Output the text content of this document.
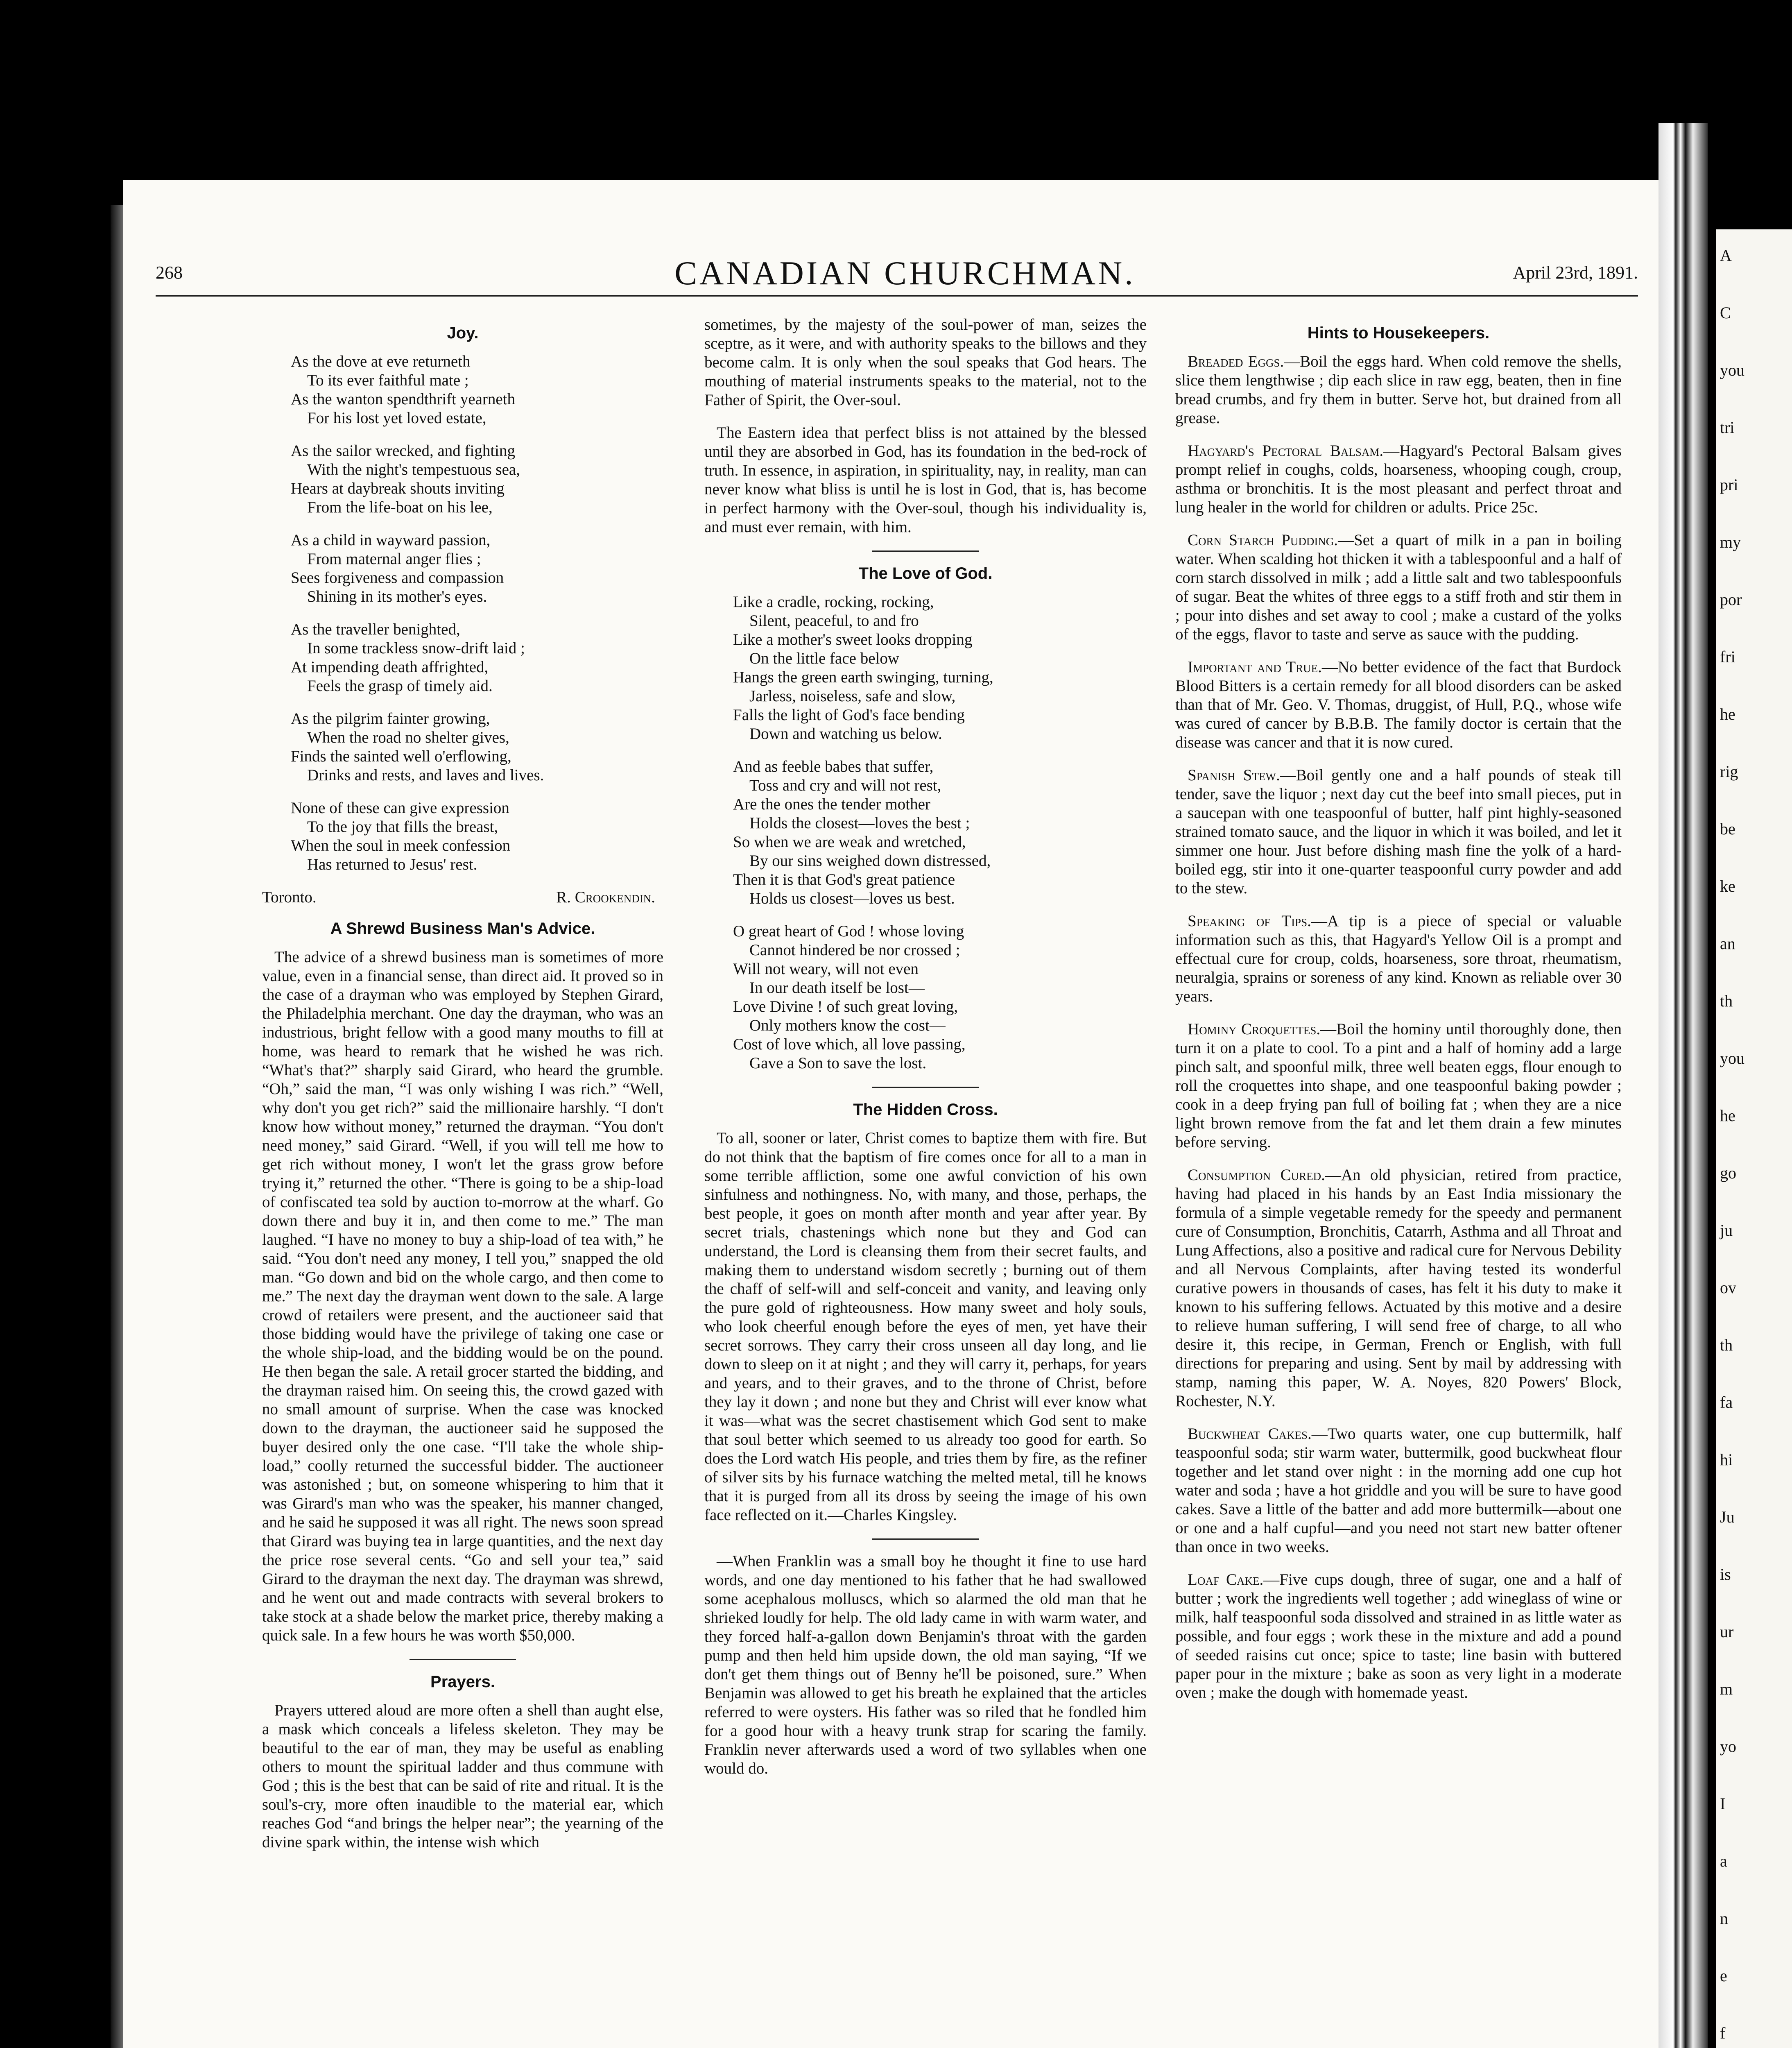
A
C
you
tri
pri
my
por
fri
he
rig
be
ke
an
th
you
he
go
ju
ov
th
fa
hi
Ju
is
ur
m
yo
I
a
n
e
f
268	CANADIAN CHURCHMAN.	April 23rd, 1891.
Joy.

As the dove at eve returneth
To its ever faithful mate ;
As the wanton spendthrift yearneth
For his lost yet loved estate,

As the sailor wrecked, and fighting
With the night's tempestuous sea,
Hears at daybreak shouts inviting
From the life-boat on his lee,

As a child in wayward passion,
From maternal anger flies ;
Sees forgiveness and compassion
Shining in its mother's eyes.

As the traveller benighted,
In some trackless snow-drift laid ;
At impending death affrighted,
Feels the grasp of timely aid.

As the pilgrim fainter growing,
When the road no shelter gives,
Finds the sainted well o'erflowing,
Drinks and rests, and laves and lives.

None of these can give expression
To the joy that fills the breast,
When the soul in meek confession
Has returned to Jesus' rest.

Toronto.	R. Crookendin.
A Shrewd Business Man's Advice.

The advice of a shrewd business man is sometimes of more value, even in a financial sense, than direct aid. It proved so in the case of a drayman who was employed by Stephen Girard, the Philadelphia merchant. One day the drayman, who was an industrious, bright fellow with a good many mouths to fill at home, was heard to remark that he wished he was rich. “What's that?” sharply said Girard, who heard the grumble. “Oh,” said the man, “I was only wishing I was rich.” “Well, why don't you get rich?” said the millionaire harshly. “I don't know how without money,” returned the drayman. “You don't need money,” said Girard. “Well, if you will tell me how to get rich without money, I won't let the grass grow before trying it,” returned the other. “There is going to be a ship-load of confiscated tea sold by auction to-morrow at the wharf. Go down there and buy it in, and then come to me.” The man laughed. “I have no money to buy a ship-load of tea with,” he said. “You don't need any money, I tell you,” snapped the old man. “Go down and bid on the whole cargo, and then come to me.” The next day the drayman went down to the sale. A large crowd of retailers were present, and the auctioneer said that those bidding would have the privilege of taking one case or the whole ship-load, and the bidding would be on the pound. He then began the sale. A retail grocer started the bidding, and the drayman raised him. On seeing this, the crowd gazed with no small amount of surprise. When the case was knocked down to the drayman, the auctioneer said he supposed the buyer desired only the one case. “I'll take the whole ship-load,” coolly returned the successful bidder. The auctioneer was astonished ; but, on someone whispering to him that it was Girard's man who was the speaker, his manner changed, and he said he supposed it was all right. The news soon spread that Girard was buying tea in large quantities, and the next day the price rose several cents. “Go and sell your tea,” said Girard to the drayman the next day. The drayman was shrewd, and he went out and made contracts with several brokers to take stock at a shade below the market price, thereby making a quick sale. In a few hours he was worth $50,000.

Prayers.

Prayers uttered aloud are more often a shell than aught else, a mask which conceals a lifeless skeleton. They may be beautiful to the ear of man, they may be useful as enabling others to mount the spiritual ladder and thus commune with God ; this is the best that can be said of rite and ritual. It is the soul's-cry, more often inaudible to the material ear, which reaches God “and brings the helper near”; the yearning of the divine spark within, the intense wish which

sometimes, by the majesty of the soul-power of man, seizes the sceptre, as it were, and with authority speaks to the billows and they become calm. It is only when the soul speaks that God hears. The mouthing of material instruments speaks to the material, not to the Father of Spirit, the Over-soul.

The Eastern idea that perfect bliss is not attained by the blessed until they are absorbed in God, has its foundation in the bed-rock of truth. In essence, in aspiration, in spirituality, nay, in reality, man can never know what bliss is until he is lost in God, that is, has become in perfect harmony with the Over-soul, though his individuality is, and must ever remain, with him.

The Love of God.

Like a cradle, rocking, rocking,
Silent, peaceful, to and fro
Like a mother's sweet looks dropping
On the little face below
Hangs the green earth swinging, turning,
Jarless, noiseless, safe and slow,
Falls the light of God's face bending
Down and watching us below.

And as feeble babes that suffer,
Toss and cry and will not rest,
Are the ones the tender mother
Holds the closest—loves the best ;
So when we are weak and wretched,
By our sins weighed down distressed,
Then it is that God's great patience
Holds us closest—loves us best.

O great heart of God ! whose loving
Cannot hindered be nor crossed ;
Will not weary, will not even
In our death itself be lost—
Love Divine ! of such great loving,
Only mothers know the cost—
Cost of love which, all love passing,
Gave a Son to save the lost.

The Hidden Cross.

To all, sooner or later, Christ comes to baptize them with fire. But do not think that the baptism of fire comes once for all to a man in some terrible affliction, some one awful conviction of his own sinfulness and nothingness. No, with many, and those, perhaps, the best people, it goes on month after month and year after year. By secret trials, chastenings which none but they and God can understand, the Lord is cleansing them from their secret faults, and making them to understand wisdom secretly ; burning out of them the chaff of self-will and self-conceit and vanity, and leaving only the pure gold of righteousness. How many sweet and holy souls, who look cheerful enough before the eyes of men, yet have their secret sorrows. They carry their cross unseen all day long, and lie down to sleep on it at night ; and they will carry it, perhaps, for years and years, and to their graves, and to the throne of Christ, before they lay it down ; and none but they and Christ will ever know what it was—what was the secret chastisement which God sent to make that soul better which seemed to us already too good for earth. So does the Lord watch His people, and tries them by fire, as the refiner of silver sits by his furnace watching the melted metal, till he knows that it is purged from all its dross by seeing the image of his own face reflected on it.—Charles Kingsley.

—When Franklin was a small boy he thought it fine to use hard words, and one day mentioned to his father that he had swallowed some acephalous molluscs, which so alarmed the old man that he shrieked loudly for help. The old lady came in with warm water, and they forced half-a-gallon down Benjamin's throat with the garden pump and then held him upside down, the old man saying, “If we don't get them things out of Benny he'll be poisoned, sure.” When Benjamin was allowed to get his breath he explained that the articles referred to were oysters. His father was so riled that he fondled him for a good hour with a heavy trunk strap for scaring the family. Franklin never afterwards used a word of two syllables when one would do.

Hints to Housekeepers.

Breaded Eggs.—Boil the eggs hard. When cold remove the shells, slice them lengthwise ; dip each slice in raw egg, beaten, then in fine bread crumbs, and fry them in butter. Serve hot, but drained from all grease.

Hagyard's Pectoral Balsam.—Hagyard's Pectoral Balsam gives prompt relief in coughs, colds, hoarseness, whooping cough, croup, asthma or bronchitis. It is the most pleasant and perfect throat and lung healer in the world for children or adults. Price 25c.

Corn Starch Pudding.—Set a quart of milk in a pan in boiling water. When scalding hot thicken it with a tablespoonful and a half of corn starch dissolved in milk ; add a little salt and two tablespoonfuls of sugar. Beat the whites of three eggs to a stiff froth and stir them in ; pour into dishes and set away to cool ; make a custard of the yolks of the eggs, flavor to taste and serve as sauce with the pudding.

Important and True.—No better evidence of the fact that Burdock Blood Bitters is a certain remedy for all blood disorders can be asked than that of Mr. Geo. V. Thomas, druggist, of Hull, P.Q., whose wife was cured of cancer by B.B.B. The family doctor is certain that the disease was cancer and that it is now cured.

Spanish Stew.—Boil gently one and a half pounds of steak till tender, save the liquor ; next day cut the beef into small pieces, put in a saucepan with one teaspoonful of butter, half pint highly-seasoned strained tomato sauce, and the liquor in which it was boiled, and let it simmer one hour. Just before dishing mash fine the yolk of a hard-boiled egg, stir into it one-quarter teaspoonful curry powder and add to the stew.

Speaking of Tips.—A tip is a piece of special or valuable information such as this, that Hagyard's Yellow Oil is a prompt and effectual cure for croup, colds, hoarseness, sore throat, rheumatism, neuralgia, sprains or soreness of any kind. Known as reliable over 30 years.

Hominy Croquettes.—Boil the hominy until thoroughly done, then turn it on a plate to cool. To a pint and a half of hominy add a large pinch salt, and spoonful milk, three well beaten eggs, flour enough to roll the croquettes into shape, and one teaspoonful baking powder ; cook in a deep frying pan full of boiling fat ; when they are a nice light brown remove from the fat and let them drain a few minutes before serving.

Consumption Cured.—An old physician, retired from practice, having had placed in his hands by an East India missionary the formula of a simple vegetable remedy for the speedy and permanent cure of Consumption, Bronchitis, Catarrh, Asthma and all Throat and Lung Affections, also a positive and radical cure for Nervous Debility and all Nervous Complaints, after having tested its wonderful curative powers in thousands of cases, has felt it his duty to make it known to his suffering fellows. Actuated by this motive and a desire to relieve human suffering, I will send free of charge, to all who desire it, this recipe, in German, French or English, with full directions for preparing and using. Sent by mail by addressing with stamp, naming this paper, W. A. Noyes, 820 Powers' Block, Rochester, N.Y.

Buckwheat Cakes.—Two quarts water, one cup buttermilk, half teaspoonful soda; stir warm water, buttermilk, good buckwheat flour together and let stand over night : in the morning add one cup hot water and soda ; have a hot griddle and you will be sure to have good cakes. Save a little of the batter and add more buttermilk—about one or one and a half cupful—and you need not start new batter oftener than once in two weeks.

Loaf Cake.—Five cups dough, three of sugar, one and a half of butter ; work the ingredients well together ; add wineglass of wine or milk, half teaspoonful soda dissolved and strained in as little water as possible, and four eggs ; work these in the mixture and add a pound of seeded raisins cut once; spice to taste; line basin with buttered paper pour in the mixture ; bake as soon as very light in a moderate oven ; make the dough with homemade yeast.
